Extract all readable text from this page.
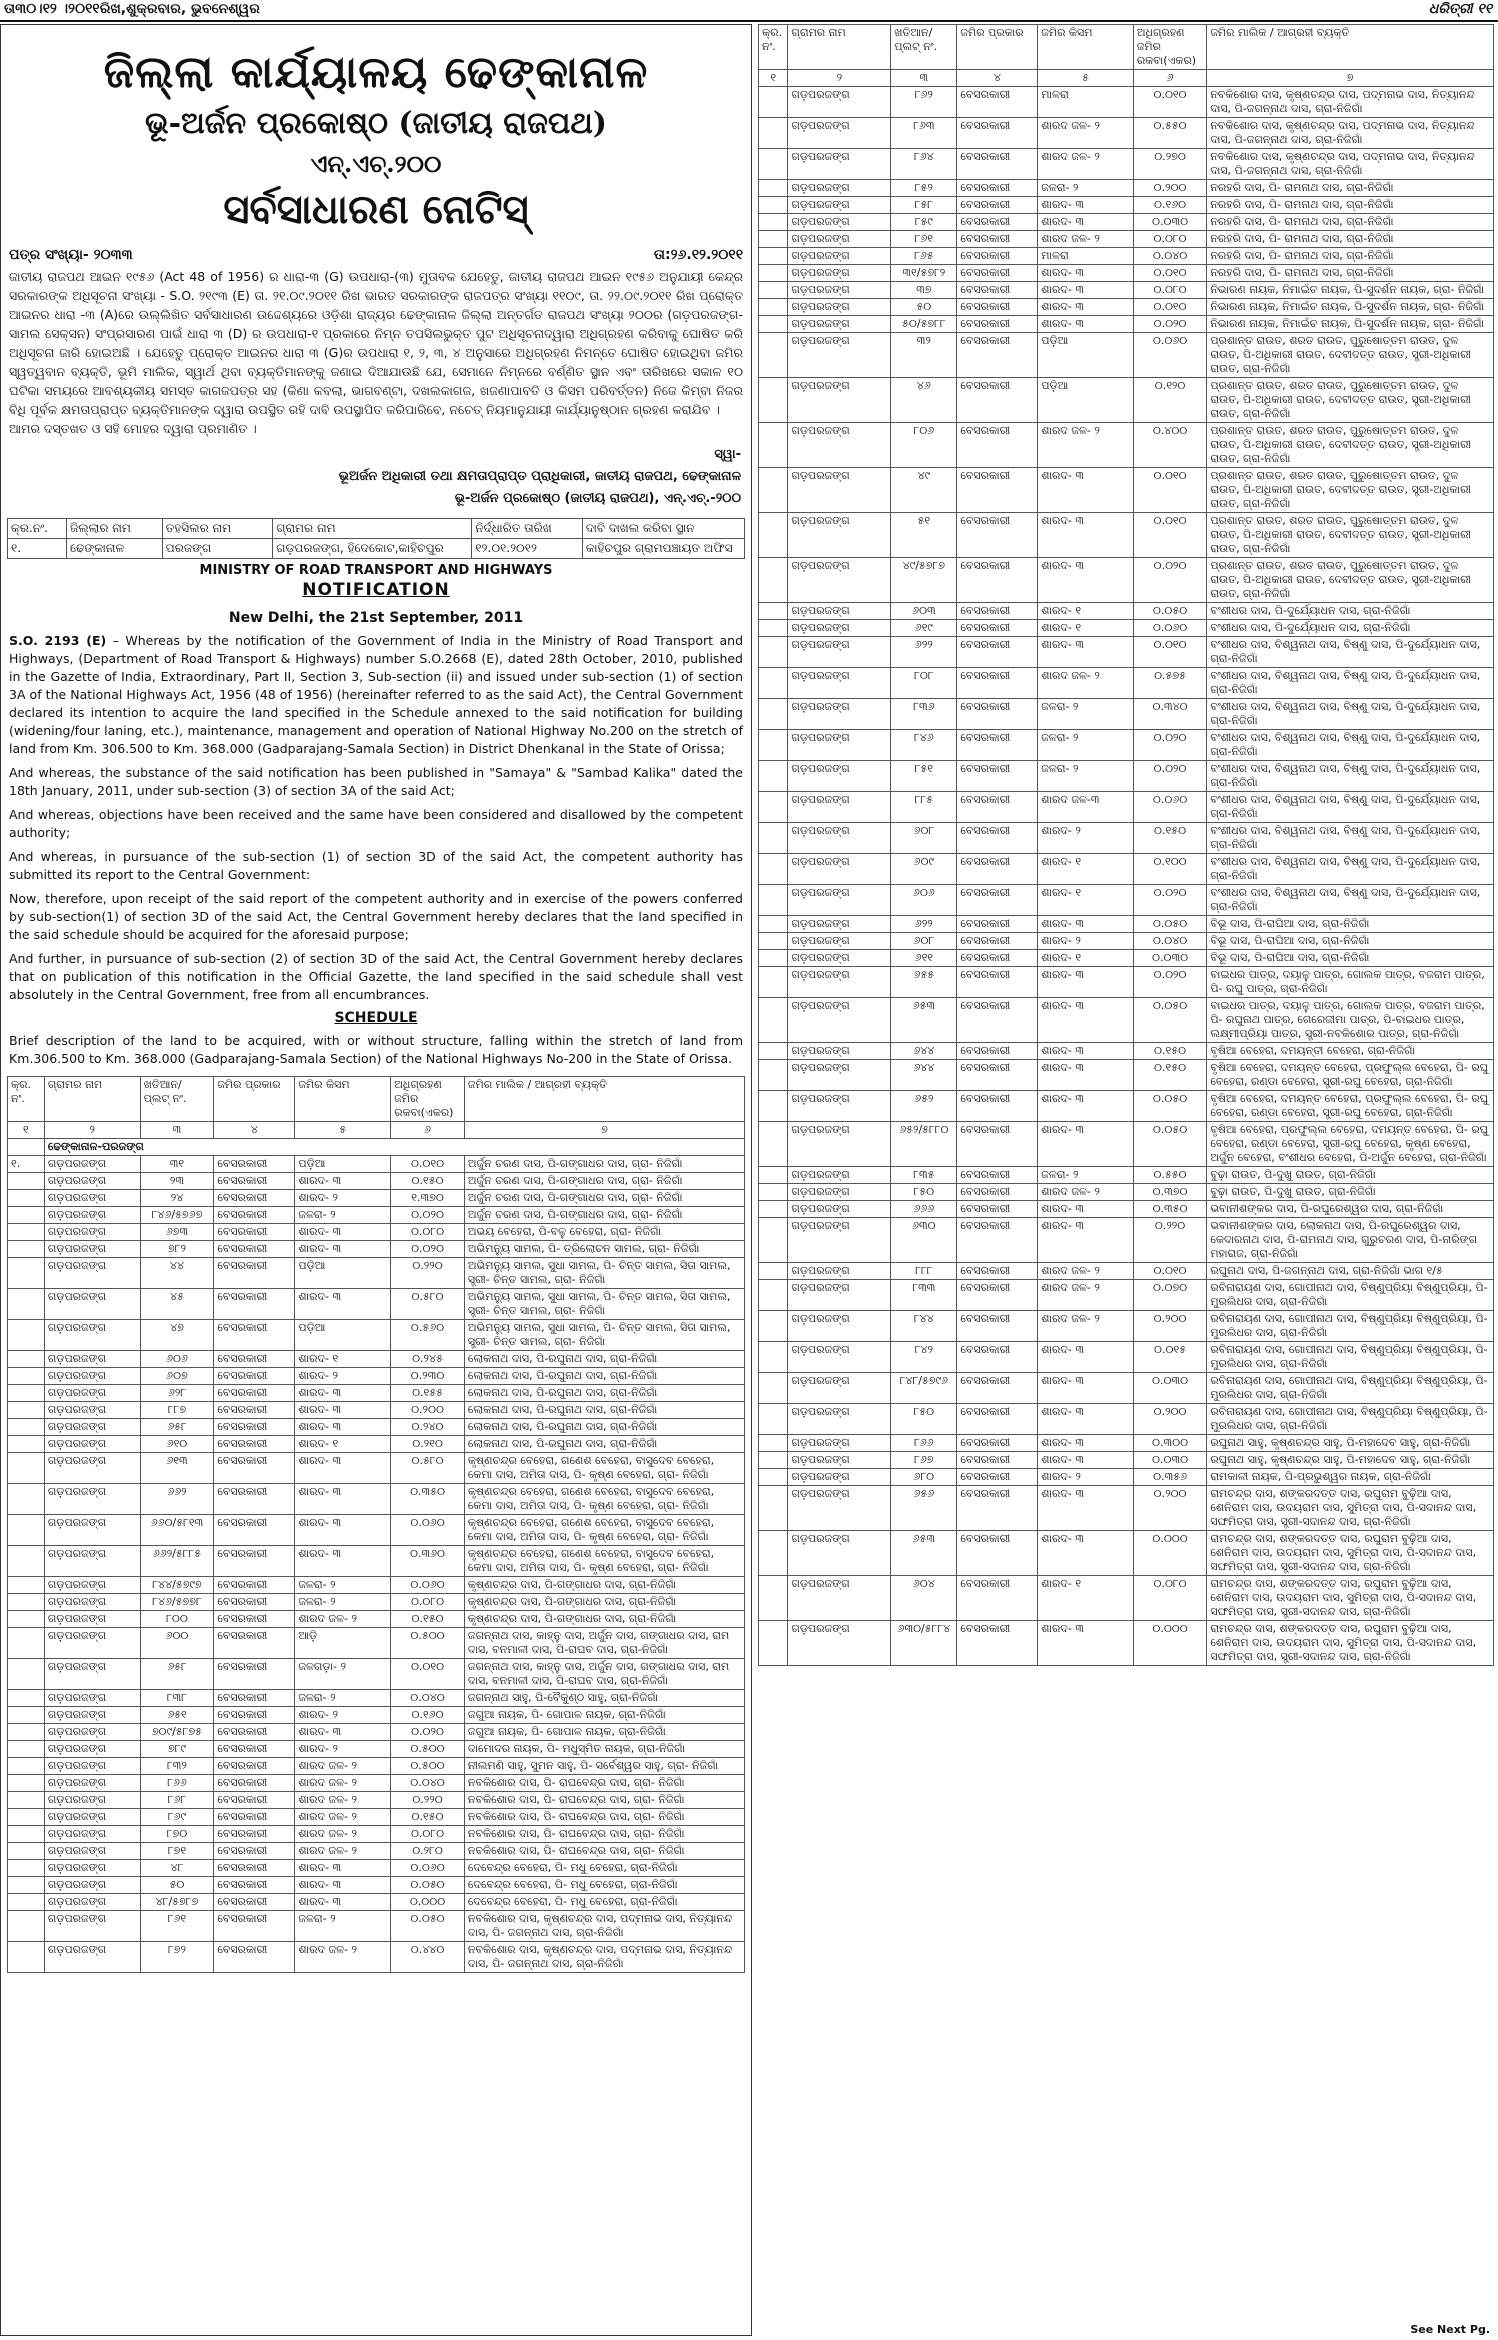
ତା୩୦।୧୨ ।୨୦୧୧ରିଖ,ଶୁକ୍ରବାର, ଭୁବନେଶ୍ୱର	ଧରିତ୍ରୀ ୧୧
ଜିଲ୍ଲା କାର୍ଯ୍ୟାଳୟ ଢେଙ୍କାନାଳ
ଭୂ-ଅର୍ଜନ ପ୍ରକୋଷ୍ଠ (ଜାତୀୟ ରାଜପଥ)
ଏନ୍.ଏଚ୍.୨୦୦
ସର୍ବସାଧାରଣ ନୋଟିସ୍
ପତ୍ର ସଂଖ୍ୟା- ୨୦୩୩	ତା:୨୬.୧୨.୨୦୧୧
ଜାତୀୟ ରାଜପଥ ଆଇନ ୧୯୫୬ (Act 48 of 1956) ର ଧାରା-୩ (G) ଉପଧାରା-(୩) ମୁତାବକ ଯେହେତୁ, ଜାତୀୟ ରାଜପଥ ଆଇନ ୧୯୫୬ ଅନୁଯାୟୀ କେନ୍ଦ୍ର ସରକାରଙ୍କ ଅଧିସୂଚନା ସଂଖ୍ୟା - S.O. ୨୧୯୩ (E) ତା. ୨୧.୦୯.୨୦୧୧ ରିଖ ଭାରତ ସରକାରଙ୍କ ରାଜପତ୍ର ସଂଖ୍ୟା ୧୧୦୯, ତା. ୨୨.୦୯.୨୦୧୧ ରିଖ ପ୍ରୋକ୍ତ ଆଇନର ଧାରା -୩ (A)ରେ ଉଲ୍ଲିଖିତ ସର୍ବସାଧାରଣ ଉଦ୍ଦେଶ୍ୟରେ ଓଡ଼ିଶା ରାଜ୍ୟର ଢେଙ୍କାନାଳ ଜିଲ୍ଲା ଅନ୍ତର୍ଗତ ରାଜପଥ ସଂଖ୍ୟା ୨୦୦ର (ଗଡ଼ପରଜଙ୍ଗ-ସାମଲ ସେକ୍ସନ) ସଂପ୍ରସାରଣ ପାଇଁ ଧାରା ୩ (D) ର ଉପଧାରା-୧ ପ୍ରକାରେ ନିମ୍ନ ତପସିଲଭୁକ୍ତ ପୁଟ ଅଧିସୂଚନାଦ୍ୱାରା ଅଧିଗ୍ରହଣ କରିବାକୁ ଘୋଷିତ କରି ଅଧିସୂଚନା ଜାରି ହୋଇଅଛି । ଯେହେତୁ ପ୍ରୋକ୍ତ ଆଇନର ଧାରା ୩ (G)ର ଉପଧାରା ୧, ୨, ୩, ୪ ଅନୁସାରେ ଅଧିଗ୍ରହଣ ନିମନ୍ତେ ଘୋଷିତ ହୋଇଥିବା ଜମିର ସ୍ୱତ୍ୱବାନ ବ୍ୟକ୍ତି, ଭୂମି ମାଲିକ, ସ୍ୱାର୍ଥ ଥିବା ବ୍ୟକ୍ତିମାନଙ୍କୁ ଜଣାଇ ଦିଆଯାଉଛି ଯେ, ସେମାନେ ନିମ୍ନରେ ବର୍ଣ୍ଣିତ ସ୍ଥାନ ଏବଂ ତାରିଖରେ ସକାଳ ୧୦ ଘଟିକା ସମୟରେ ଆବଶ୍ୟକୀୟ ସମସ୍ତ କାଗଜପତ୍ର ସହ (କିଣା କବଲା, ଭାଗବଣ୍ଟା, ଦଖଲକାଗଜ, ଖଜଣାପାବତି ଓ କିସମ ପରିବର୍ତ୍ତନ) ନିଜେ କିମ୍ବା ନିଜର ବିଧି ପୂର୍ବକ କ୍ଷମତାପ୍ରାପ୍ତ ବ୍ୟକ୍ତିମାନଙ୍କ ଦ୍ୱାରା ଉପସ୍ଥିତ ରହି ଦାବି ଉପସ୍ଥାପିତ କରିପାରିବେ, ନଚେତ୍ ନିୟମାନୁଯାୟୀ କାର୍ଯ୍ୟାନୁଷ୍ଠାନ ଗ୍ରହଣ କରାଯିବ ।
ଆମର ଦସ୍ତଖତ ଓ ସହି ମୋହର ଦ୍ୱାରା ପ୍ରମାଣିତ ।
ସ୍ୱା-
ଭୂଅର୍ଜନ ଅଧିକାରୀ ତଥା କ୍ଷମତାପ୍ରାପ୍ତ ପ୍ରାଧିକାରୀ, ଜାତୀୟ ରାଜପଥ, ଢେଙ୍କାନାଳ
ଭୂ-ଅର୍ଜନ ପ୍ରକୋଷ୍ଠ (ଜାତୀୟ ରାଜପଥ), ଏନ୍.ଏଚ୍.-୨୦୦
କ୍ର.ନଂ.	ଜିଲ୍ଲାର ନାମ	ତହସିଲର ନାମ	ଗ୍ରାମର ନାମ	ନିର୍ଦ୍ଧାରିତ ତାରିଖ	ଦାବି ଦାଖଲ କରିବା ସ୍ଥାନ
୧.	ଢେଙ୍କାନାଳ	ପରଜଙ୍ଗ	ଗଡ଼ପରଜଙ୍ଗ, ହିଦେକୋଟ,କାହିଚପୁର	୧୨.୦୧.୨୦୧୨	କାହିଚପୁର ଗ୍ରାମପଞ୍ଚାୟତ ଅଫିସ
MINISTRY OF ROAD TRANSPORT AND HIGHWAYS
NOTIFICATION
New Delhi, the 21st September, 2011
S.O. 2193 (E) – Whereas by the notification of the Government of India in the Ministry of Road Transport and Highways, (Department of Road Transport & Highways) number S.O.2668 (E), dated 28th October, 2010, published in the Gazette of India, Extraordinary, Part II, Section 3, Sub-section (ii) and issued under sub-section (1) of section 3A of the National Highways Act, 1956 (48 of 1956) (hereinafter referred to as the said Act), the Central Government declared its intention to acquire the land specified in the Schedule annexed to the said notification for building (widening/four laning, etc.), maintenance, management and operation of National Highway No.200 on the stretch of land from Km. 306.500 to Km. 368.000 (Gadparajang-Samala Section) in District Dhenkanal in the State of Orissa;
And whereas, the substance of the said notification has been published in "Samaya" & "Sambad Kalika" dated the 18th January, 2011, under sub-section (3) of section 3A of the said Act;
And whereas, objections have been received and the same have been considered and disallowed by the competent authority;
And whereas, in pursuance of the sub-section (1) of section 3D of the said Act, the competent authority has submitted its report to the Central Government:
Now, therefore, upon receipt of the said report of the competent authority and in exercise of the powers conferred by sub-section(1) of section 3D of the said Act, the Central Government hereby declares that the land specified in the said schedule should be acquired for the aforesaid purpose;
And further, in pursuance of sub-section (2) of section 3D of the said Act, the Central Government hereby declares that on publication of this notification in the Official Gazette, the land specified in the said schedule shall vest absolutely in the Central Government, free from all encumbrances.
SCHEDULE
Brief description of the land to be acquired, with or without structure, falling within the stretch of land from Km.306.500 to Km. 368.000 (Gadparajang-Samala Section) of the National Highways No-200 in the State of Orissa.
କ୍ର. ନଂ.	ଗ୍ରାମର ନାମ	ଖତିଆନ/ ପ୍ଲଟ୍ ନଂ.	ଜମିର ପ୍ରକାର	ଜମିର କିସମ	ଅଧିଗ୍ରହଣ ଜମିର ରକବା(ଏକର)	ଜମିର ମାଲିକ / ଆଗ୍ରହୀ ବ୍ୟକ୍ତି
୧	୨	୩	୪	୫	୬	୭
	ଢେଙ୍କାନାଳ-ପରଜଙ୍ଗ					
୧.	ଗଡ଼ପରଜଙ୍ଗ	୩୧	ବେସରକାରୀ	ପଡ଼ିଆ	୦.୦୧୦	ଅର୍ଜୁନ ଚରଣ ଦାସ, ପି-ଗଙ୍ଗାଧର ଦାସ, ଗ୍ରା- ନିଜିଗାଁ
	ଗଡ଼ପରଜଙ୍ଗ	୨୩	ବେସରକାରୀ	ଶାରଦ- ୩	୦.୧୫୦	ଅର୍ଜୁନ ଚରଣ ଦାସ, ପି-ଗଙ୍ଗାଧର ଦାସ, ଗ୍ରା- ନିଜିଗାଁ
	ଗଡ଼ପରଜଙ୍ଗ	୨୪	ବେସରକାରୀ	ଶାରଦ- ୨	୧.୩୭୦	ଅର୍ଜୁନ ଚରଣ ଦାସ, ପି-ଗଙ୍ଗାଧର ଦାସ, ଗ୍ରା- ନିଜିଗାଁ
	ଗଡ଼ପରଜଙ୍ଗ	୮୪୬/୫୭୬୭	ବେସରକାରୀ	ଜଳରା- ୨	୦.୦୨୦	ଅର୍ଜୁନ ଚରଣ ଦାସ, ପି-ଗଙ୍ଗାଧର ଦାସ, ଗ୍ରା- ନିଜିଗାଁ
	ଗଡ଼ପରଜଙ୍ଗ	୬୭୩	ବେସରକାରୀ	ଶାରଦ- ୩	୦.୦୮୦	ଅଭୟ ବେହେରା, ପି-ବଳୁ ବେହେରା, ଗ୍ରା- ନିଜିଗାଁ
	ଗଡ଼ପରଜଙ୍ଗ	୭୮୨	ବେସରକାରୀ	ଶାରଦ- ୩	୦.୦୨୦	ଅଭିମନ୍ୟୁ ସାମଲ, ପି- ତ୍ରିଲୋଚନ ସାମଲ, ଗ୍ରା- ନିଜିଗାଁ
	ଗଡ଼ପରଜଙ୍ଗ	୪୪	ବେସରକାରୀ	ପଡ଼ିଆ	୦.୨୨୦	ଅଭିମନ୍ୟୁ ସାମଲ, ସୁଧା ସାମଲ, ପି- ଚିନ୍ତ ସାମଲ, ସିତା ସାମଲ, ସ୍ତ୍ରୀ- ଚିନ୍ତ ସାମଲ, ଗ୍ରା- ନିଜିଗାଁ
	ଗଡ଼ପରଜଙ୍ଗ	୪୫	ବେସରକାରୀ	ଶାରଦ- ୩	୦.୫୮୦	ଅଭିମନ୍ୟୁ ସାମଲ, ସୁଧା ସାମଲ, ପି- ଚିନ୍ତ ସାମଲ, ସିତା ସାମଲ, ସ୍ତ୍ରୀ- ଚିନ୍ତ ସାମଲ, ଗ୍ରା- ନିଜିଗାଁ
	ଗଡ଼ପରଜଙ୍ଗ	୪୭	ବେସରକାରୀ	ପଡ଼ିଆ	୦.୫୬୦	ଅଭିମନ୍ୟୁ ସାମଲ, ସୁଧା ସାମଲ, ପି- ଚିନ୍ତ ସାମଲ, ସିତା ସାମଲ, ସ୍ତ୍ରୀ- ଚିନ୍ତ ସାମଲ, ଗ୍ରା- ନିଜିଗାଁ
	ଗଡ଼ପରଜଙ୍ଗ	୬୦୬	ବେସରକାରୀ	ଶାରଦ- ୧	୦.୨୪୫	ଲୋକନାଥ ଦାସ, ପି-ରଘୁନାଥ ଦାସ, ଗ୍ରା-ନିଜିଗାଁ
	ଗଡ଼ପରଜଙ୍ଗ	୬୦୭	ବେସରକାରୀ	ଶାରଦ- ୨	୦.୨୩୦	ଲୋକନାଥ ଦାସ, ପି-ରଘୁନାଥ ଦାସ, ଗ୍ରା-ନିଜିଗାଁ
	ଗଡ଼ପରଜଙ୍ଗ	୬୨୮	ବେସରକାରୀ	ଶାରଦ- ୩	୦.୧୫୫	ଲୋକନାଥ ଦାସ, ପି-ରଘୁନାଥ ଦାସ, ଗ୍ରା-ନିଜିଗାଁ
	ଗଡ଼ପରଜଙ୍ଗ	୮୮୭	ବେସରକାରୀ	ଶାରଦ- ୩	୦.୨୦୦	ଲୋକନାଥ ଦାସ, ପି-ରଘୁନାଥ ଦାସ, ଗ୍ରା-ନିଜିଗାଁ
	ଗଡ଼ପରଜଙ୍ଗ	୬୫୮	ବେସରକାରୀ	ଶାରଦ- ୩	୦.୨୪୦	ଲୋକନାଥ ଦାସ, ପି-ରଘୁନାଥ ଦାସ, ଗ୍ରା-ନିଜିଗାଁ
	ଗଡ଼ପରଜଙ୍ଗ	୬୧୦	ବେସରକାରୀ	ଶାରଦ- ୧	୦.୨୧୦	ଲୋକନାଥ ଦାସ, ପି-ରଘୁନାଥ ଦାସ, ଗ୍ରା-ନିଜିଗାଁ
	ଗଡ଼ପରଜଙ୍ଗ	୬୧୩	ବେସରକାରୀ	ଶାରଦ- ୩	୦.୫୮୦	କୃଷ୍ଣଚନ୍ଦ୍ର ବେହେରା, ଗଣେଶ ବେହେରା, ବାସୁଦେବ ବେହେରା, କେମା ଦାସ, ଅମିତା ଦାସ, ପି- କୃଷ୍ଣ ବେହେରା, ଗ୍ରା- ନିଜିଗାଁ
	ଗଡ଼ପରଜଙ୍ଗ	୬୬୨	ବେସରକାରୀ	ଶାରଦ- ୩	୦.୩୫୦	କୃଷ୍ଣଚନ୍ଦ୍ର ବେହେରା, ଗଣେଶ ବେହେରା, ବାସୁଦେବ ବେହେରା, କେମା ଦାସ, ଅମିତା ଦାସ, ପି- କୃଷ୍ଣ ବେହେରା, ଗ୍ରା- ନିଜିଗାଁ
	ଗଡ଼ପରଜଙ୍ଗ	୬୬୦/୫୮୧୩	ବେସରକାରୀ	ଶାରଦ- ୩	୦.୦୬୦	କୃଷ୍ଣଚନ୍ଦ୍ର ବେହେରା, ଗଣେଶ ବେହେରା, ବାସୁଦେବ ବେହେରା, କେମା ଦାସ, ଅମିତା ଦାସ, ପି- କୃଷ୍ଣ ବେହେରା, ଗ୍ରା- ନିଜିଗାଁ
	ଗଡ଼ପରଜଙ୍ଗ	୬୬୨/୫୮୮୫	ବେସରକାରୀ	ଶାରଦ- ୩	୦.୩୬୦	କୃଷ୍ଣଚନ୍ଦ୍ର ବେହେରା, ଗଣେଶ ବେହେରା, ବାସୁଦେବ ବେହେରା, କେମା ଦାସ, ଅମିତା ଦାସ, ପି- କୃଷ୍ଣ ବେହେରା, ଗ୍ରା- ନିଜିଗାଁ
	ଗଡ଼ପରଜଙ୍ଗ	୮୪୪/୫୭୯୭	ବେସରକାରୀ	ଜଳରା- ୨	୦.୦୬୦	କୃଷ୍ଣଚନ୍ଦ୍ର ଦାସ, ପି-ଗଙ୍ଗାଧର ଦାସ, ଗ୍ରା-ନିଜିଗାଁ
	ଗଡ଼ପରଜଙ୍ଗ	୮୪୬/୫୭୭୮	ବେସରକାରୀ	ଜଳରା- ୨	୦.୦୮୦	କୃଷ୍ଣଚନ୍ଦ୍ର ଦାସ, ପି-ଗଙ୍ଗାଧର ଦାସ, ଗ୍ରା-ନିଜିଗାଁ
	ଗଡ଼ପରଜଙ୍ଗ	୮୦୦	ବେସରକାରୀ	ଶାରଦ ଜଳ- ୨	୦.୧୫୦	କୃଷ୍ଣଚନ୍ଦ୍ର ଦାସ, ପି-ଗଙ୍ଗାଧର ଦାସ, ଗ୍ରା-ନିଜିଗାଁ
	ଗଡ଼ପରଜଙ୍ଗ	୬୦୦	ବେସରକାରୀ	ଆଡ଼ି	୦.୫୦୦	ଜଗନ୍ନାଥ ଦାସ, କାହ୍ନୁ ଦାସ, ଅର୍ଜୁନ ଦାସ, ଗଙ୍ଗାଧର ଦାସ, ରାମ ଦାସ, ବନମାଳୀ ଦାସ, ପି-ରାଘବ ଦାସ, ଗ୍ରା-ନିଜିଗାଁ
	ଗଡ଼ପରଜଙ୍ଗ	୬୫୮	ବେସରକାରୀ	ଜଳଗଡ଼ା- ୨	୦.୦୧୦	ଜଗନ୍ନାଥ ଦାସ, କାହ୍ନୁ ଦାସ, ଅର୍ଜୁନ ଦାସ, ଗଙ୍ଗାଧର ଦାସ, ରାମ ଦାସ, ବନମାଳୀ ଦାସ, ପି-ରାଘବ ଦାସ, ଗ୍ରା-ନିଜିଗାଁ
	ଗଡ଼ପରଜଙ୍ଗ	୮୩୮	ବେସରକାରୀ	ଜଳରା- ୨	୦.୦୪୦	ଜଗନ୍ନାଥ ସାହୁ, ପି-ବୈକୁଣ୍ଠ ସାହୁ, ଗ୍ରା-ନିଜିଗାଁ
	ଗଡ଼ପରଜଙ୍ଗ	୬୫୧	ବେସରକାରୀ	ଶାରଦ- ୨	୦.୧୬୦	ଜଗୁଆ ନାୟକ, ପି- ଗୋପାଳ ନାୟକ, ଗ୍ରା-ନିଜିଗାଁ
	ଗଡ଼ପରଜଙ୍ଗ	୭୦୯/୫୮୭୫	ବେସରକାରୀ	ଶାରଦ- ୩	୦.୦୨୦	ଜଗୁଆ ନାୟକ, ପି- ଗୋପାଳ ନାୟକ, ଗ୍ରା-ନିଜିଗାଁ
	ଗଡ଼ପରଜଙ୍ଗ	୭୮୯	ବେସରକାରୀ	ଶାରଦ- ୨	୦.୫୦୦	ଦାମୋଦର ନାୟକ, ପି- ମଧୁସ୍ମିତ ନାୟକ, ଗ୍ରା-ନିଜିଗାଁ
	ଗଡ଼ପରଜଙ୍ଗ	୮୩୨	ବେସରକାରୀ	ଶାରଦ ଜଳ- ୨	୦.୫୦୦	ନୀଲମଣି ସାହୁ, ସୁମନ ସାହୁ, ପି- ସର୍ବେଶ୍ୱର ସାହୁ, ଗ୍ରା- ନିଜିଗାଁ
	ଗଡ଼ପରଜଙ୍ଗ	୮୬୬	ବେସରକାରୀ	ଶାରଦ ଜଳ- ୨	୦.୦୪୦	ନବକିଶୋର ଦାସ, ପି- ରାଘବେନ୍ଦ୍ର ଦାସ, ଗ୍ରା- ନିଜିଗାଁ
	ଗଡ଼ପରଜଙ୍ଗ	୮୬୮	ବେସରକାରୀ	ଶାରଦ ଜଳ- ୨	୦.୨୨୦	ନବକିଶୋର ଦାସ, ପି- ରାଘବେନ୍ଦ୍ର ଦାସ, ଗ୍ରା- ନିଜିଗାଁ
	ଗଡ଼ପରଜଙ୍ଗ	୮୬୯	ବେସରକାରୀ	ଶାରଦ ଜଳ- ୨	୦.୧୫୦	ନବକିଶୋର ଦାସ, ପି- ରାଘବେନ୍ଦ୍ର ଦାସ, ଗ୍ରା- ନିଜିଗାଁ
	ଗଡ଼ପରଜଙ୍ଗ	୮୭୦	ବେସରକାରୀ	ଶାରଦ ଜଳ- ୨	୦.୦୮୦	ନବକିଶୋର ଦାସ, ପି- ରାଘବେନ୍ଦ୍ର ଦାସ, ଗ୍ରା- ନିଜିଗାଁ
	ଗଡ଼ପରଜଙ୍ଗ	୮୭୧	ବେସରକାରୀ	ଶାରଦ ଜଳ- ୨	୦.୨୮୦	ନବକିଶୋର ଦାସ, ପି- ରାଘବେନ୍ଦ୍ର ଦାସ, ଗ୍ରା- ନିଜିଗାଁ
	ଗଡ଼ପରଜଙ୍ଗ	୪୮	ବେସରକାରୀ	ଶାରଦ- ୩	୦.୦୬୦	ଦେବେନ୍ଦ୍ର ବେହେରା, ପି- ମଧୁ ବେହେରା, ଗ୍ରା-ନିଜିଗାଁ
	ଗଡ଼ପରଜଙ୍ଗ	୫୦	ବେସରକାରୀ	ଶାରଦ- ୩	୦.୦୫୦	ଦେବେନ୍ଦ୍ର ବେହେରା, ପି- ମଧୁ ବେହେରା, ଗ୍ରା-ନିଜିଗାଁ
	ଗଡ଼ପରଜଙ୍ଗ	୪୮/୫୭୮୭	ବେସରକାରୀ	ଶାରଦ- ୩	୦.୦୦୦	ଦେବେନ୍ଦ୍ର ବେହେରା, ପି- ମଧୁ ବେହେରା, ଗ୍ରା-ନିଜିଗାଁ
	ଗଡ଼ପରଜଙ୍ଗ	୮୬୧	ବେସରକାରୀ	ଜଳରା- ୨	୦.୦୫୦	ନବକିଶୋର ଦାସ, କୃଷ୍ଣଚନ୍ଦ୍ର ଦାସ, ପଦ୍ମନାଭ ଦାସ, ନିତ୍ୟାନନ୍ଦ ଦାସ, ପି- ଜଗନ୍ନାଥ ଦାସ, ଗ୍ରା-ନିଜିଗାଁ
	ଗଡ଼ପରଜଙ୍ଗ	୮୭୨	ବେସରକାରୀ	ଶାରଦ ଜଳ- ୨	୦.୪୪୦	ନବକିଶୋର ଦାସ, କୃଷ୍ଣଚନ୍ଦ୍ର ଦାସ, ପଦ୍ମନାଭ ଦାସ, ନିତ୍ୟାନନ୍ଦ ଦାସ, ପି- ଜଗନ୍ନାଥ ଦାସ, ଗ୍ରା-ନିଜିଗାଁ
କ୍ର. ନଂ.	ଗ୍ରାମର ନାମ	ଖତିଆନ/ ପ୍ଲଟ୍ ନଂ.	ଜମିର ପ୍ରକାର	ଜମିର କିସମ	ଅଧିଗ୍ରହଣ ଜମିର ରକବା(ଏକର)	ଜମିର ମାଲିକ / ଆଗ୍ରହୀ ବ୍ୟକ୍ତି
୧	୨	୩	୪	୫	୬	୭
	ଗଡ଼ପରଜଙ୍ଗ	୮୬୨	ବେସରକାରୀ	ମାଳରା	୦.୦୧୦	ନବକିଶୋର ଦାସ, କୃଷ୍ଣଚନ୍ଦ୍ର ଦାସ, ପଦ୍ମନାଭ ଦାସ, ନିତ୍ୟାନନ୍ଦ ଦାସ, ପି-ଜଗନ୍ନାଥ ଦାସ, ଗ୍ରା-ନିଜିଗାଁ
	ଗଡ଼ପରଜଙ୍ଗ	୮୬୩	ବେସରକାରୀ	ଶାରଦ ଜଳ- ୨	୦.୫୫୦	ନବକିଶୋର ଦାସ, କୃଷ୍ଣଚନ୍ଦ୍ର ଦାସ, ପଦ୍ମନାଭ ଦାସ, ନିତ୍ୟାନନ୍ଦ ଦାସ, ପି-ଜଗନ୍ନାଥ ଦାସ, ଗ୍ରା-ନିଜିଗାଁ
	ଗଡ଼ପରଜଙ୍ଗ	୮୬୪	ବେସରକାରୀ	ଶାରଦ ଜଳ- ୨	୦.୨୭୦	ନବକିଶୋର ଦାସ, କୃଷ୍ଣଚନ୍ଦ୍ର ଦାସ, ପଦ୍ମନାଭ ଦାସ, ନିତ୍ୟାନନ୍ଦ ଦାସ, ପି-ଜଗନ୍ନାଥ ଦାସ, ଗ୍ରା-ନିଜିଗାଁ
	ଗଡ଼ପରଜଙ୍ଗ	୮୫୨	ବେସରକାରୀ	ଜଳରା- ୨	୦.୨୦୦	ନରହରି ଦାସ, ପି- ରାମନାଥ ଦାସ, ଗ୍ରା-ନିଜିଗାଁ
	ଗଡ଼ପରଜଙ୍ଗ	୮୫୮	ବେସରକାରୀ	ଶାରଦ- ୩	୦.୧୬୦	ନରହରି ଦାସ, ପି- ରାମନାଥ ଦାସ, ଗ୍ରା-ନିଜିଗାଁ
	ଗଡ଼ପରଜଙ୍ଗ	୮୫୯	ବେସରକାରୀ	ଶାରଦ- ୩	୦.୦୩୦	ନରହରି ଦାସ, ପି- ରାମନାଥ ଦାସ, ଗ୍ରା-ନିଜିଗାଁ
	ଗଡ଼ପରଜଙ୍ଗ	୮୬୧	ବେସରକାରୀ	ଶାରଦ ଜଳ- ୨	୦.୦୮୦	ନରହରି ଦାସ, ପି- ରାମନାଥ ଦାସ, ଗ୍ରା-ନିଜିଗାଁ
	ଗଡ଼ପରଜଙ୍ଗ	୮୬୫	ବେସରକାରୀ	ମାଳରା	୦.୦୪୦	ନରହରି ଦାସ, ପି- ରାମନାଥ ଦାସ, ଗ୍ରା-ନିଜିଗାଁ
	ଗଡ଼ପରଜଙ୍ଗ	୩୧/୫୭୮୨	ବେସରକାରୀ	ଶାରଦ- ୩	୦.୦୧୦	ନରହରି ଦାସ, ପି- ରାମନାଥ ଦାସ, ଗ୍ରା-ନିଜିଗାଁ
	ଗଡ଼ପରଜଙ୍ଗ	୩୭	ବେସରକାରୀ	ଶାରଦ- ୩	୦.୦୮୦	ନିଭାରଣ ନାୟକ, ନିମାଇଁଚ ନାୟକ, ପି-ସୁଦର୍ଶନ ନାୟକ, ଗ୍ରା- ନିଜିଗାଁ
	ଗଡ଼ପରଜଙ୍ଗ	୫୦	ବେସରକାରୀ	ଶାରଦ- ୩	୦.୦୧୦	ନିଭାରଣ ନାୟକ, ନିମାଇଁଚ ନାୟକ, ପି-ସୁଦର୍ଶନ ନାୟକ, ଗ୍ରା- ନିଜିଗାଁ
	ଗଡ଼ପରଜଙ୍ଗ	୫୦/୫୭୮୮	ବେସରକାରୀ	ଶାରଦ- ୩	୦.୦୨୦	ନିଭାରଣ ନାୟକ, ନିମାଇଁଚ ନାୟକ, ପି-ସୁଦର୍ଶନ ନାୟକ, ଗ୍ରା- ନିଜିଗାଁ
	ଗଡ଼ପରଜଙ୍ଗ	୩୨	ବେସରକାରୀ	ପଡ଼ିଆ	୦.୦୬୦	ପ୍ରଶାନ୍ତ ରାଉତ, ଶରତ ରାଉତ, ପୁରୁଷୋତ୍ତମ ରାଉତ, ଦୁଳ ରାଉତ, ପି-ଅଧିକାରୀ ରାଉତ, ଦେବୀଦତ୍ତ ରାଉତ, ସ୍ତ୍ରୀ-ଅଧିକାରୀ ରାଉତ, ଗ୍ରା-ନିଜିଗାଁ
	ଗଡ଼ପରଜଙ୍ଗ	୪୬	ବେସରକାରୀ	ପଡ଼ିଆ	୦.୧୨୦	ପ୍ରଶାନ୍ତ ରାଉତ, ଶରତ ରାଉତ, ପୁରୁଷୋତ୍ତମ ରାଉତ, ଦୁଳ ରାଉତ, ପି-ଅଧିକାରୀ ରାଉତ, ଦେବୀଦତ୍ତ ରାଉତ, ସ୍ତ୍ରୀ-ଅଧିକାରୀ ରାଉତ, ଗ୍ରା-ନିଜିଗାଁ
	ଗଡ଼ପରଜଙ୍ଗ	୮୦୬	ବେସରକାରୀ	ଶାରଦ ଜଳ- ୨	୦.୪୦୦	ପ୍ରଶାନ୍ତ ରାଉତ, ଶରତ ରାଉତ, ପୁରୁଷୋତ୍ତମ ରାଉତ, ଦୁଳ ରାଉତ, ପି-ଅଧିକାରୀ ରାଉତ, ଦେବୀଦତ୍ତ ରାଉତ, ସ୍ତ୍ରୀ-ଅଧିକାରୀ ରାଉତ, ଗ୍ରା-ନିଜିଗାଁ
	ଗଡ଼ପରଜଙ୍ଗ	୪୯	ବେସରକାରୀ	ଶାରଦ- ୩	୦.୦୧୦	ପ୍ରଶାନ୍ତ ରାଉତ, ଶରତ ରାଉତ, ପୁରୁଷୋତ୍ତମ ରାଉତ, ଦୁଳ ରାଉତ, ପି-ଅଧିକାରୀ ରାଉତ, ଦେବୀଦତ୍ତ ରାଉତ, ସ୍ତ୍ରୀ-ଅଧିକାରୀ ରାଉତ, ଗ୍ରା-ନିଜିଗାଁ
	ଗଡ଼ପରଜଙ୍ଗ	୫୧	ବେସରକାରୀ	ଶାରଦ- ୩	୦.୦୧୦	ପ୍ରଶାନ୍ତ ରାଉତ, ଶରତ ରାଉତ, ପୁରୁଷୋତ୍ତମ ରାଉତ, ଦୁଳ ରାଉତ, ପି-ଅଧିକାରୀ ରାଉତ, ଦେବୀଦତ୍ତ ରାଉତ, ସ୍ତ୍ରୀ-ଅଧିକାରୀ ରାଉତ, ଗ୍ରା-ନିଜିଗାଁ
	ଗଡ଼ପରଜଙ୍ଗ	୪୯/୫୭୮୭	ବେସରକାରୀ	ଶାରଦ- ୩	୦.୦୨୦	ପ୍ରଶାନ୍ତ ରାଉତ, ଶରତ ରାଉତ, ପୁରୁଷୋତ୍ତମ ରାଉତ, ଦୁଳ ରାଉତ, ପି-ଅଧିକାରୀ ରାଉତ, ଦେବୀଦତ୍ତ ରାଉତ, ସ୍ତ୍ରୀ-ଅଧିକାରୀ ରାଉତ, ଗ୍ରା-ନିଜିଗାଁ
	ଗଡ଼ପରଜଙ୍ଗ	୬୦୩	ବେସରକାରୀ	ଶାରଦ- ୧	୦.୦୫୦	ବଂଶୀଧର ଦାସ, ପି-ଦୁର୍ଯ୍ୟୋଧନ ଦାସ, ଗ୍ରା-ନିଜିଗାଁ
	ଗଡ଼ପରଜଙ୍ଗ	୬୧୯	ବେସରକାରୀ	ଶାରଦ- ୧	୦.୦୬୦	ବଂଶୀଧର ଦାସ, ପି-ଦୁର୍ଯ୍ୟୋଧନ ଦାସ, ଗ୍ରା-ନିଜିଗାଁ
	ଗଡ଼ପରଜଙ୍ଗ	୬୨୨	ବେସରକାରୀ	ଶାରଦ- ୩	୦.୦୧୦	ବଂଶୀଧର ଦାସ, ବିଶ୍ୱନାଥ ଦାସ, ବିଷ୍ଣୁ ଦାସ, ପି-ଦୁର୍ଯ୍ୟୋଧନ ଦାସ, ଗ୍ରା-ନିଜିଗାଁ
	ଗଡ଼ପରଜଙ୍ଗ	୮୦୮	ବେସରକାରୀ	ଶାରଦ ଜଳ- ୨	୦.୫୭୫	ବଂଶୀଧର ଦାସ, ବିଶ୍ୱନାଥ ଦାସ, ବିଷ୍ଣୁ ଦାସ, ପି-ଦୁର୍ଯ୍ୟୋଧନ ଦାସ, ଗ୍ରା-ନିଜିଗାଁ
	ଗଡ଼ପରଜଙ୍ଗ	୮୩୬	ବେସରକାରୀ	ଜଳରା- ୨	୦.୩୪୦	ବଂଶୀଧର ଦାସ, ବିଶ୍ୱନାଥ ଦାସ, ବିଷ୍ଣୁ ଦାସ, ପି-ଦୁର୍ଯ୍ୟୋଧନ ଦାସ, ଗ୍ରା-ନିଜିଗାଁ
	ଗଡ଼ପରଜଙ୍ଗ	୮୪୬	ବେସରକାରୀ	ଜଳରା- ୨	୦.୦୨୦	ବଂଶୀଧର ଦାସ, ବିଶ୍ୱନାଥ ଦାସ, ବିଷ୍ଣୁ ଦାସ, ପି-ଦୁର୍ଯ୍ୟୋଧନ ଦାସ, ଗ୍ରା-ନିଜିଗାଁ
	ଗଡ଼ପରଜଙ୍ଗ	୮୫୧	ବେସରକାରୀ	ଜଳରା- ୨	୦.୦୨୦	ବଂଶୀଧର ଦାସ, ବିଶ୍ୱନାଥ ଦାସ, ବିଷ୍ଣୁ ଦାସ, ପି-ଦୁର୍ଯ୍ୟୋଧନ ଦାସ, ଗ୍ରା-ନିଜିଗାଁ
	ଗଡ଼ପରଜଙ୍ଗ	୮୮୫	ବେସରକାରୀ	ଶାରଦ ଜଳ-୩	୦.୦୬୦	ବଂଶୀଧର ଦାସ, ବିଶ୍ୱନାଥ ଦାସ, ବିଷ୍ଣୁ ଦାସ, ପି-ଦୁର୍ଯ୍ୟୋଧନ ଦାସ, ଗ୍ରା-ନିଜିଗାଁ
	ଗଡ଼ପରଜଙ୍ଗ	୬୦୮	ବେସରକାରୀ	ଶାରଦ- ୨	୦.୧୫୦	ବଂଶୀଧର ଦାସ, ବିଶ୍ୱନାଥ ଦାସ, ବିଷ୍ଣୁ ଦାସ, ପି-ଦୁର୍ଯ୍ୟୋଧନ ଦାସ, ଗ୍ରା-ନିଜିଗାଁ
	ଗଡ଼ପରଜଙ୍ଗ	୬୦୯	ବେସରକାରୀ	ଶାରଦ- ୧	୦.୧୦୦	ବଂଶୀଧର ଦାସ, ବିଶ୍ୱନାଥ ଦାସ, ବିଷ୍ଣୁ ଦାସ, ପି-ଦୁର୍ଯ୍ୟୋଧନ ଦାସ, ଗ୍ରା-ନିଜିଗାଁ
	ଗଡ଼ପରଜଙ୍ଗ	୬୦୬	ବେସରକାରୀ	ଶାରଦ- ୧	୦.୦୨୦	ବଂଶୀଧର ଦାସ, ବିଶ୍ୱନାଥ ଦାସ, ବିଷ୍ଣୁ ଦାସ, ପି-ଦୁର୍ଯ୍ୟୋଧନ ଦାସ, ଗ୍ରା-ନିଜିଗାଁ
	ଗଡ଼ପରଜଙ୍ଗ	୬୨୨	ବେସରକାରୀ	ଶାରଦ- ୩	୦.୦୫୦	ବିଭୂ ଦାସ, ପି-ରାଘିଆ ଦାସ, ଗ୍ରା-ନିଜିଗାଁ
	ଗଡ଼ପରଜଙ୍ଗ	୬୦୮	ବେସରକାରୀ	ଶାରଦ- ୨	୦.୦୪୦	ବିଭୂ ଦାସ, ପି-ରାଘିଆ ଦାସ, ଗ୍ରା-ନିଜିଗାଁ
	ଗଡ଼ପରଜଙ୍ଗ	୬୧୧	ବେସରକାରୀ	ଶାରଦ- ୧	୦.୦୩୦	ବିଭୂ ଦାସ, ପି-ରାଘିଆ ଦାସ, ଗ୍ରା-ନିଜିଗାଁ
	ଗଡ଼ପରଜଙ୍ଗ	୬୫୫	ବେସରକାରୀ	ଶାରଦ- ୩	୦.୦୨୦	ବାଇଧର ପାତ୍ର, ଦୟାଳୁ ପାତ୍ର, ଗୋଲକ ପାତ୍ର, ବଜରାମ ପାତ୍ର, ପି- ରଘୁ ପାତ୍ର, ଗ୍ରା-ନିଜିଗାଁ
	ଗଡ଼ପରଜଙ୍ଗ	୬୫୩	ବେସରକାରୀ	ଶାରଦ- ୩	୦.୦୫୦	ବାଇଧର ପାତ୍ର, ଦୟାଳୁ ପାତ୍ର, ଗୋଲକ ପାତ୍ର, ବଜରାମ ପାତ୍ର, ପି- ରଘୁନାଥ ପାତ୍ର, ଗେରେଜୀମା ପାତ୍ର, ପି-ବାଇଧର ପାତ୍ର, ଲକ୍ଷ୍ମୀପ୍ରିୟା ପାତ୍ର, ସ୍ତ୍ରୀ-ନବକିଶୋର ପାତ୍ର, ଗ୍ରା-ନିଜିଗାଁ
	ଗଡ଼ପରଜଙ୍ଗ	୬୪୪	ବେସରକାରୀ	ଶାରଦ- ୩	୦.୧୫୦	ବୃଷିଆ ବେହେରା, ଦମୟନ୍ତୀ ବେହେରା, ଗ୍ରା-ନିଜିଗାଁ
	ଗଡ଼ପରଜଙ୍ଗ	୬୪୪	ବେସରକାରୀ	ଶାରଦ- ୩	୦.୧୫୦	ବୃଷିଆ ବେହେରା, ଦମୟନ୍ତ ବେହେରା, ପ୍ରଫୁଲ୍ଲ ବେହେରା, ପି- ରଘୁ ବେହେରା, ରଣ୍ଡା ବେହେରା, ସ୍ତ୍ରୀ-ରଘୁ ବେହେରା, ଗ୍ରା-ନିଜିଗାଁ
	ଗଡ଼ପରଜଙ୍ଗ	୬୫୨	ବେସରକାରୀ	ଶାରଦ- ୩	୦.୦୫୦	ବୃଷିଆ ବେହେରା, ଦମୟନ୍ତ ବେହେରା, ପ୍ରଫୁଲ୍ଲ ବେହେରା, ପି- ରଘୁ ବେହେରା, ରଣ୍ଡା ବେହେରା, ସ୍ତ୍ରୀ-ରଘୁ ବେହେରା, ଗ୍ରା-ନିଜିଗାଁ
	ଗଡ଼ପରଜଙ୍ଗ	୬୫୨/୫୮୮୦	ବେସରକାରୀ	ଶାରଦ- ୩	୦.୦୫୦	ବୃଷିଆ ବେହେରା, ପ୍ରଫୁଲ୍ଲ ବେହେରା, ଦମୟନ୍ତ ବେହେରା, ପି- ରଘୁ ବେହେରା, ରଣ୍ଡା ବେହେରା, ସ୍ତ୍ରୀ-ରଘୁ ବେହେରା, କୃଷ୍ଣ ବେହେରା, ଅର୍ଜୁନ ବେହେରା, ବଂଶୀଧର ବେହେରା, ପି-ଅର୍ଜୁନ ବେହେରା, ଗ୍ରା-ନିଜିଗାଁ
	ଗଡ଼ପରଜଙ୍ଗ	୮୩୫	ବେସରକାରୀ	ଜଳରା- ୨	୦.୫୫୦	ବୁଢ଼ା ରାଉତ, ପି-ଦୁଖୁ ରାଉତ, ଗ୍ରା-ନିଜିଗାଁ
	ଗଡ଼ପରଜଙ୍ଗ	୮୫୦	ବେସରକାରୀ	ଶାରଦ ଜଳ- ୨	୦.୩୭୦	ବୁଢ଼ା ରାଉତ, ପି-ଦୁଖୁ ରାଉତ, ଗ୍ରା-ନିଜିଗାଁ
	ଗଡ଼ପରଜଙ୍ଗ	୬୬୬	ବେସରକାରୀ	ଶାରଦ- ୩	୦.୩୫୦	ଭବାନୀଶଙ୍କର ଦାସ, ପି-ରଘୁରେଶ୍ୱର ଦାସ, ଗ୍ରା-ନିଜିଗାଁ
	ଗଡ଼ପରଜଙ୍ଗ	୬୩୦	ବେସରକାରୀ	ଶାରଦ- ୩	୦.୨୨୦	ଭବାନୀଶଙ୍କର ଦାସ, ଲୋକନାଥ ଦାସ, ପି-ରଘୁରେଶ୍ୱର ଦାସ, କେଦାରନାଥ ଦାସ, ପି-ରାମନାଥ ଦାସ, ଗୁରୁଚରଣ ଦାସ, ପି-ନାରିଙ୍ଗ ମହାରାଜ, ଗ୍ରା-ନିଜିଗାଁ
	ଗଡ଼ପରଜଙ୍ଗ	୮୮୮	ବେସରକାରୀ	ଶାରଦ ଜଳ- ୨	୦.୦୧୦	ରଘୁନାଥ ଦାସ, ପି-ଜଗନ୍ନାଥ ଦାସ, ଗ୍ରା-ନିଜିଗାଁ ଭାଗ ୧/୫
	ଗଡ଼ପରଜଙ୍ଗ	୮୩୩	ବେସରକାରୀ	ଶାରଦ ଜଳ- ୨	୦.୦୭୦	ରବିନାରାୟଣ ଦାସ, ଗୋପୀନାଥ ଦାସ, ବିଷ୍ଣୁପ୍ରିୟା ବିଷ୍ଣୁପ୍ରିୟା, ପି-ମୁରଲିଧର ଦାସ, ଗ୍ରା-ନିଜିଗାଁ
	ଗଡ଼ପରଜଙ୍ଗ	୮୪୪	ବେସରକାରୀ	ଶାରଦ ଜଳ- ୨	୦.୨୦୦	ରବିନାରାୟଣ ଦାସ, ଗୋପୀନାଥ ଦାସ, ବିଷ୍ଣୁପ୍ରିୟା ବିଷ୍ଣୁପ୍ରିୟା, ପି-ମୁରଲିଧର ଦାସ, ଗ୍ରା-ନିଜିଗାଁ
	ଗଡ଼ପରଜଙ୍ଗ	୮୪୨	ବେସରକାରୀ	ଶାରଦ- ୩	୦.୦୧୫	ରବିନାରାୟଣ ଦାସ, ଗୋପୀନାଥ ଦାସ, ବିଷ୍ଣୁପ୍ରିୟା ବିଷ୍ଣୁପ୍ରିୟା, ପି-ମୁରଲିଧର ଦାସ, ଗ୍ରା-ନିଜିଗାଁ
	ଗଡ଼ପରଜଙ୍ଗ	୮୪୮/୫୭୯୬	ବେସରକାରୀ	ଶାରଦ- ୩	୦.୦୩୦	ରବିନାରାୟଣ ଦାସ, ଗୋପୀନାଥ ଦାସ, ବିଷ୍ଣୁପ୍ରିୟା ବିଷ୍ଣୁପ୍ରିୟା, ପି-ମୁରଲିଧର ଦାସ, ଗ୍ରା-ନିଜିଗାଁ
	ଗଡ଼ପରଜଙ୍ଗ	୮୫୦	ବେସରକାରୀ	ଶାରଦ- ୩	୦.୨୦୦	ରବିନାରାୟଣ ଦାସ, ଗୋପୀନାଥ ଦାସ, ବିଷ୍ଣୁପ୍ରିୟା ବିଷ୍ଣୁପ୍ରିୟା, ପି-ମୁରଲିଧର ଦାସ, ଗ୍ରା-ନିଜିଗାଁ
	ଗଡ଼ପରଜଙ୍ଗ	୮୬୬	ବେସରକାରୀ	ଶାରଦ- ୩	୦.୩୦୦	ରଘୁନାଥ ସାହୁ, କୃଷ୍ଣଚନ୍ଦ୍ର ସାହୁ, ପି-ମହାଦେବ ସାହୁ, ଗ୍ରା-ନିଜିଗାଁ
	ଗଡ଼ପରଜଙ୍ଗ	୮୬୭	ବେସରକାରୀ	ଶାରଦ- ୩	୦.୦୩୦	ରଘୁନାଥ ସାହୁ, କୃଷ୍ଣଚନ୍ଦ୍ର ସାହୁ, ପି-ମହାଦେବ ସାହୁ, ଗ୍ରା-ନିଜିଗାଁ
	ଗଡ଼ପରଜଙ୍ଗ	୬୮୦	ବେସରକାରୀ	ଶାରଦ- ୨	୦.୩୫୬	ରାମକାଳୀ ନାୟକ, ପି-ପ୍ରଭୁଶ୍ୱର ନାୟକ, ଗ୍ରା-ନିଜିଗାଁ
	ଗଡ଼ପରଜଙ୍ଗ	୬୫୬	ବେସରକାରୀ	ଶାରଦ- ୩	୦.୨୦୦	ରାମଚନ୍ଦ୍ର ଦାସ, ଶଙ୍କରଦତ୍ତ ଦାସ, ରଘୁରାମ ବୁଢ଼ିଆ ଦାସ, ଶେନିରାମ ଦାସ, ଉଦୟରାମ ଦାସ, ସୁମିତ୍ରା ଦାସ, ପି-ସଦାନନ୍ଦ ଦାସ, ସଙ୍ଘମିତ୍ରା ଦାସ, ସ୍ତ୍ରୀ-ସଦାନନ୍ଦ ଦାସ, ଗ୍ରା-ନିଜିଗାଁ
	ଗଡ଼ପରଜଙ୍ଗ	୬୫୩	ବେସରକାରୀ	ଶାରଦ- ୩	୦.୦୦୦	ରାମଚନ୍ଦ୍ର ଦାସ, ଶଙ୍କରଦତ୍ତ ଦାସ, ରଘୁରାମ ବୁଢ଼ିଆ ଦାସ, ଶେନିରାମ ଦାସ, ଉଦୟରାମ ଦାସ, ସୁମିତ୍ରା ଦାସ, ପି-ସଦାନନ୍ଦ ଦାସ, ସଙ୍ଘମିତ୍ରା ଦାସ, ସ୍ତ୍ରୀ-ସଦାନନ୍ଦ ଦାସ, ଗ୍ରା-ନିଜିଗାଁ
	ଗଡ଼ପରଜଙ୍ଗ	୬୦୪	ବେସରକାରୀ	ଶାରଦ- ୧	୦.୦୮୦	ରାମଚନ୍ଦ୍ର ଦାସ, ଶଙ୍କରଦତ୍ତ ଦାସ, ରଘୁରାମ ବୁଢ଼ିଆ ଦାସ, ଶେନିରାମ ଦାସ, ଉଦୟରାମ ଦାସ, ସୁମିତ୍ରା ଦାସ, ପି-ସଦାନନ୍ଦ ଦାସ, ସଙ୍ଘମିତ୍ରା ଦାସ, ସ୍ତ୍ରୀ-ସଦାନନ୍ଦ ଦାସ, ଗ୍ରା-ନିଜିଗାଁ
	ଗଡ଼ପରଜଙ୍ଗ	୬୩୦/୫୮୮୪	ବେସରକାରୀ	ଶାରଦ- ୩	୦.୦୦୦	ରାମଚନ୍ଦ୍ର ଦାସ, ଶଙ୍କରଦତ୍ତ ଦାସ, ରଘୁରାମ ବୁଢ଼ିଆ ଦାସ, ଶେନିରାମ ଦାସ, ଉଦୟରାମ ଦାସ, ସୁମିତ୍ରା ଦାସ, ପି-ସଦାନନ୍ଦ ଦାସ, ସଙ୍ଘମିତ୍ରା ଦାସ, ସ୍ତ୍ରୀ-ସଦାନନ୍ଦ ଦାସ, ଗ୍ରା-ନିଜିଗାଁ
See Next Pg.
